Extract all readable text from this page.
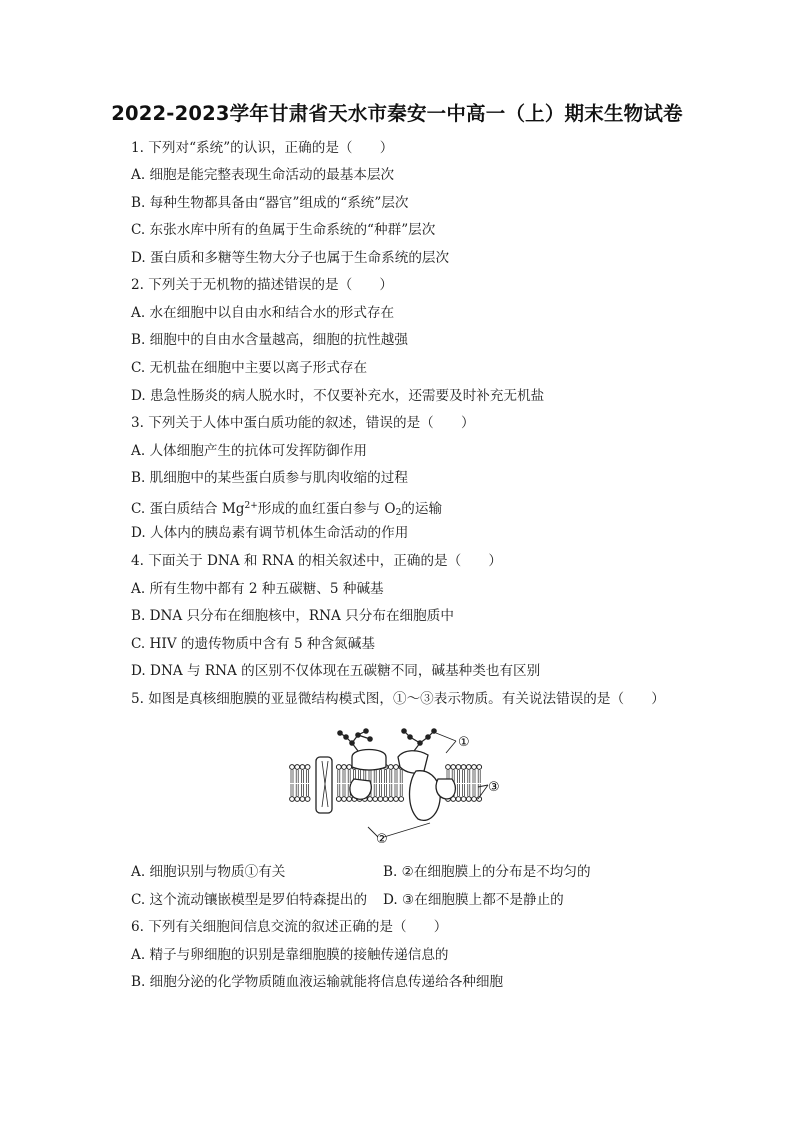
2022-2023学年甘肃省天水市秦安一中高一（上）期末生物试卷
1. 下列对“系统”的认识，正确的是（　　）
A. 细胞是能完整表现生命活动的最基本层次
B. 每种生物都具备由“器官”组成的“系统”层次
C. 东张水库中所有的鱼属于生命系统的“种群”层次
D. 蛋白质和多糖等生物大分子也属于生命系统的层次
2. 下列关于无机物的描述错误的是（　　）
A. 水在细胞中以自由水和结合水的形式存在
B. 细胞中的自由水含量越高，细胞的抗性越强
C. 无机盐在细胞中主要以离子形式存在
D. 患急性肠炎的病人脱水时，不仅要补充水，还需要及时补充无机盐
3. 下列关于人体中蛋白质功能的叙述，错误的是（　　）
A. 人体细胞产生的抗体可发挥防御作用
B. 肌细胞中的某些蛋白质参与肌肉收缩的过程
C. 蛋白质结合 $Mg^{2+}$形成的血红蛋白参与 $O_2$的运输
D. 人体内的胰岛素有调节机体生命活动的作用
4. 下面关于 DNA 和 RNA 的相关叙述中，正确的是（　　）
A. 所有生物中都有 2 种五碳糖、5 种碱基
B. DNA 只分布在细胞核中，RNA 只分布在细胞质中
C. HIV 的遗传物质中含有 5 种含氮碱基
D. DNA 与 RNA 的区别不仅体现在五碳糖不同，碱基种类也有区别
5. 如图是真核细胞膜的亚显微结构模式图，①～③表示物质。有关说法错误的是（　　）
①
②
③
A. 细胞识别与物质①有关	B. ②在细胞膜上的分布是不均匀的
C. 这个流动镶嵌模型是罗伯特森提出的 D. ③在细胞膜上都不是静止的
6. 下列有关细胞间信息交流的叙述正确的是（　　）
A. 精子与卵细胞的识别是靠细胞膜的接触传递信息的
B. 细胞分泌的化学物质随血液运输就能将信息传递给各种细胞
